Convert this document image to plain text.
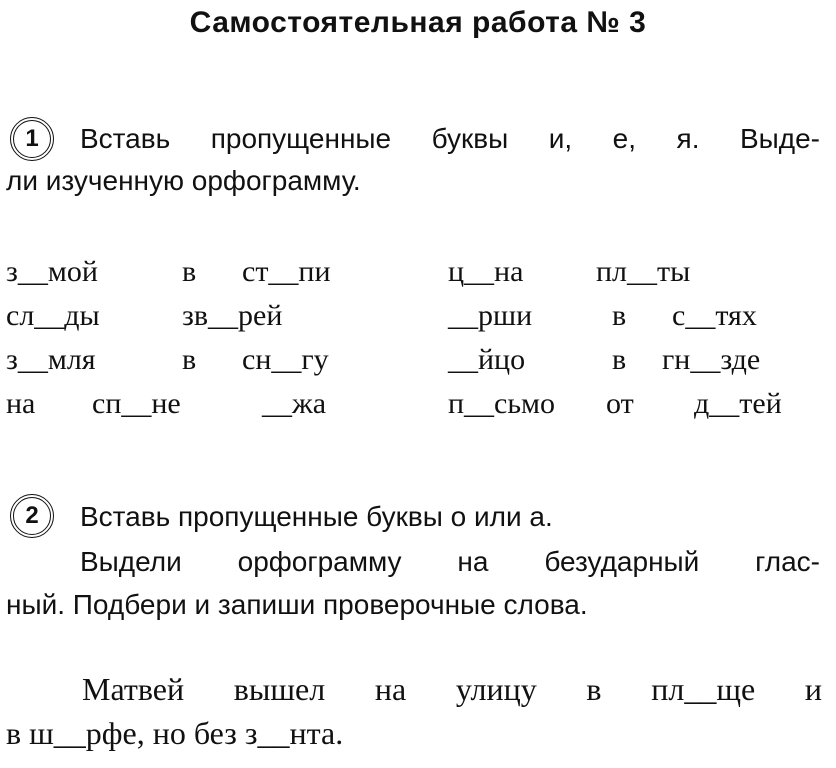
Самостоятельная работа № 3
1	Вставь пропущенные буквы и, е, я. Выде-

ли изученную орфограмму.

з__мой	в ст__пи	ц__на пл__ты
сл__ды	зв__рей	__рши	в с__тях
з__мля	в сн__гу	__йцо	в гн__зде
на сп__не	__жа	п__сьмо от д__тей
2	Вставь пропущенные буквы о или а.

Выдели орфограмму на безударный глас-

ный. Подбери и запиши проверочные слова.

Матвей вышел на улицу в пл__ще и
в ш__рфе, но без з__нта.
